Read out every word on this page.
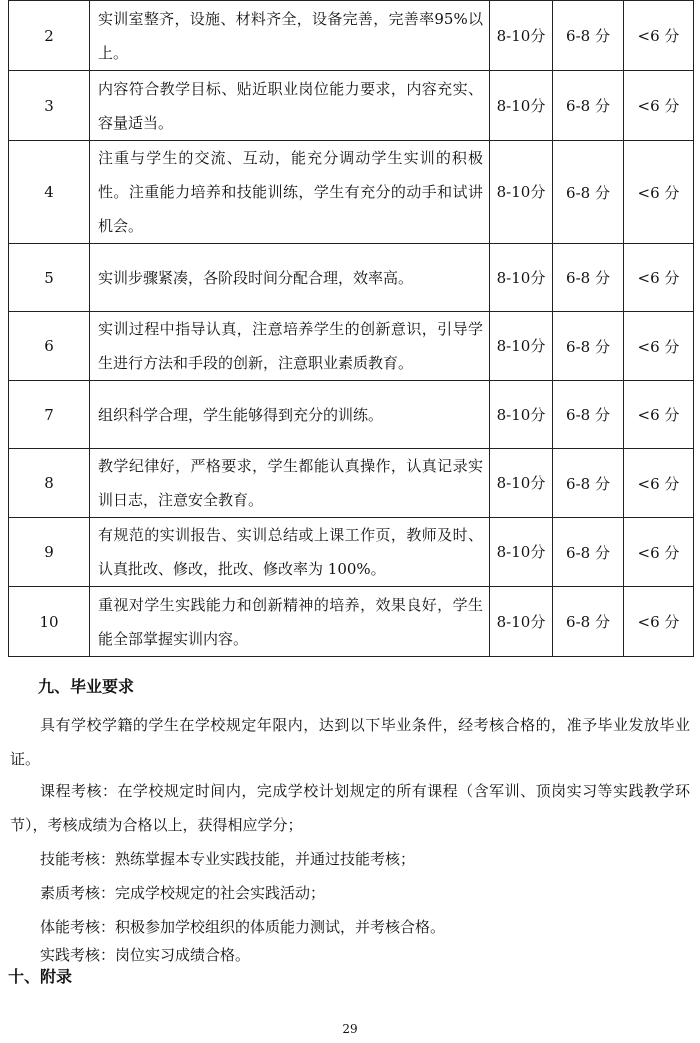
2	实训室整齐，设施、材料齐全，设备完善，完善率95%以上。	8-10分	6-8 分	<6 分
3	内容符合教学目标、贴近职业岗位能力要求，内容充实、容量适当。	8-10分	6-8 分	<6 分
4	注重与学生的交流、互动，能充分调动学生实训的积极性。注重能力培养和技能训练，学生有充分的动手和试讲机会。	8-10分	6-8 分	<6 分
5	实训步骤紧凑，各阶段时间分配合理，效率高。	8-10分	6-8 分	<6 分
6	实训过程中指导认真，注意培养学生的创新意识，引导学生进行方法和手段的创新，注意职业素质教育。	8-10分	6-8 分	<6 分
7	组织科学合理，学生能够得到充分的训练。	8-10分	6-8 分	<6 分
8	教学纪律好，严格要求，学生都能认真操作，认真记录实训日志，注意安全教育。	8-10分	6-8 分	<6 分
9	有规范的实训报告、实训总结或上课工作页，教师及时、认真批改、修改，批改、修改率为 100%。	8-10分	6-8 分	<6 分
10	重视对学生实践能力和创新精神的培养，效果良好，学生能全部掌握实训内容。	8-10分	6-8 分	<6 分
九、毕业要求
具有学校学籍的学生在学校规定年限内，达到以下毕业条件，经考核合格的，准予毕业发放毕业证。
课程考核：在学校规定时间内，完成学校计划规定的所有课程（含军训、顶岗实习等实践教学环节），考核成绩为合格以上，获得相应学分；
技能考核：熟练掌握本专业实践技能，并通过技能考核；
素质考核：完成学校规定的社会实践活动；
体能考核：积极参加学校组织的体质能力测试，并考核合格。
实践考核：岗位实习成绩合格。
十、附录
29
